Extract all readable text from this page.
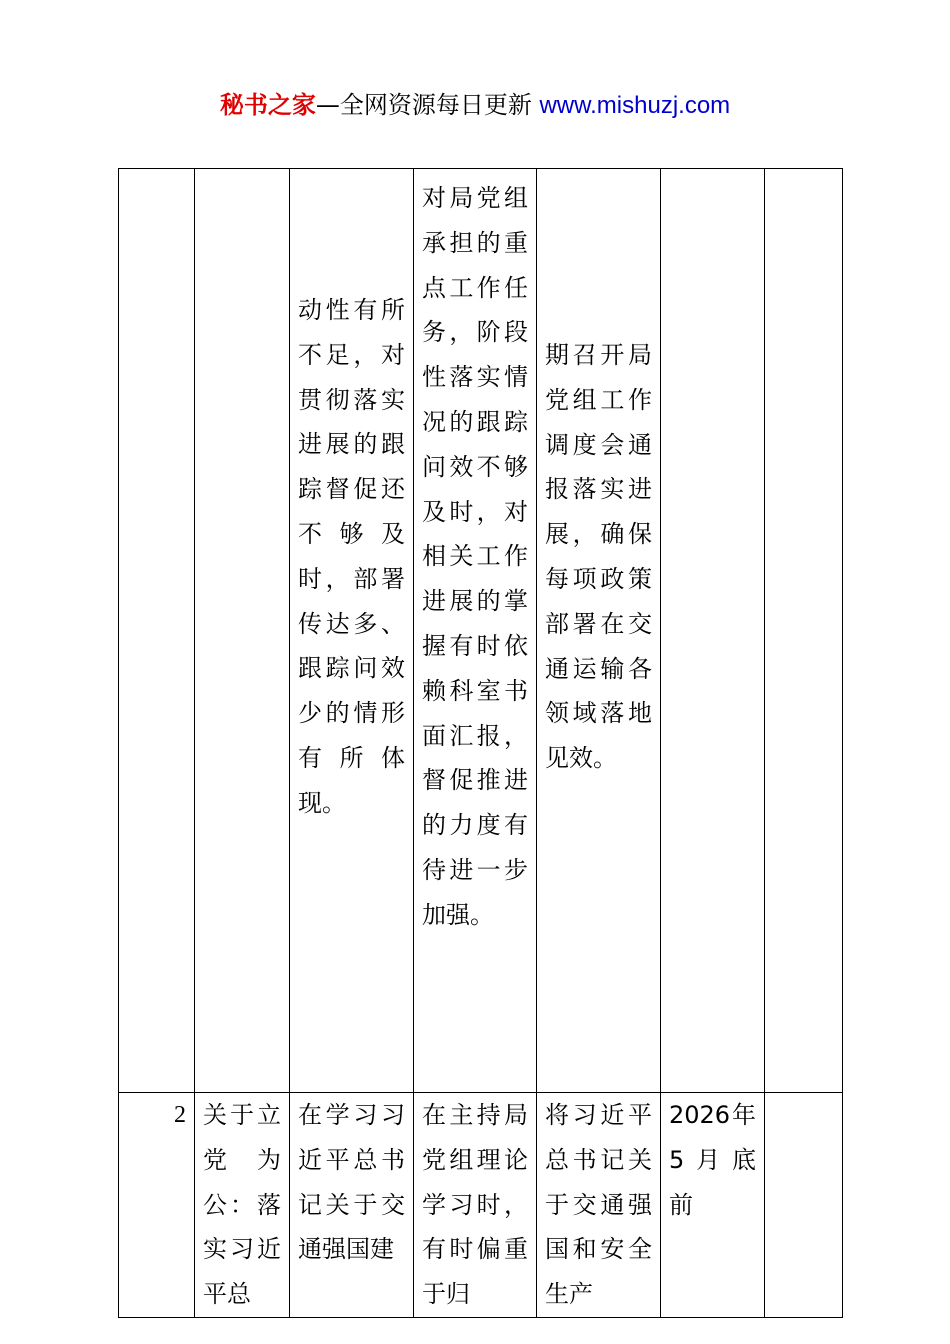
秘书之家—全网资源每日更新 www.mishuzj.com
		动性有所不足，对贯彻落实进展的跟踪督促还不够及时，部署传达多、跟踪问效少的情形有所体现。	对局党组承担的重点工作任务，阶段性落实情况的跟踪问效不够及时，对相关工作进展的掌握有时依赖科室书面汇报，督促推进的力度有待进一步加强。	期召开局党组工作调度会通报落实进展，确保每项政策部署在交通运输各领域落地见效。		
2	关于立党为公：落实习近平总	在学习习近平总书记关于交通强国建	在主持局党组理论学习时，有时偏重于归	将习近平总书记关于交通强国和安全生产	2026年5月底前	
